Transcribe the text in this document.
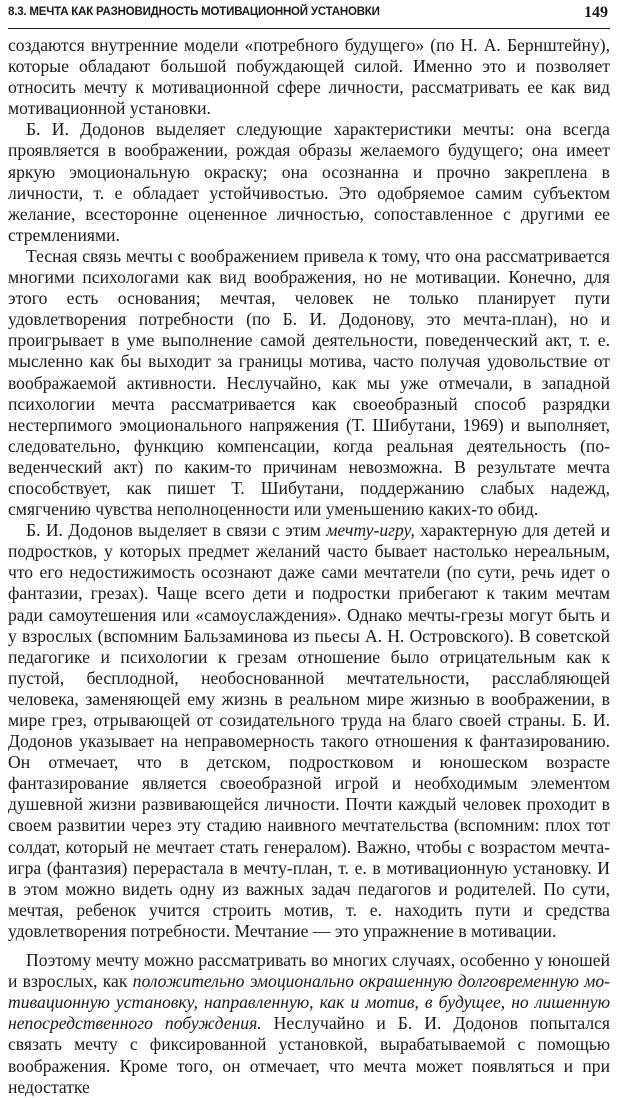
8.3. МЕЧТА КАК РАЗНОВИДНОСТЬ МОТИВАЦИОННОЙ УСТАНОВКИ	149

создаются внутренние модели «потребного будущего» (по Н. А. Бернштейну), которые обладают большой побуждающей силой. Именно это и позволяет относить мечту к мотивационной сфере личности, рассматривать ее как вид мотивационной установки.

Б. И. Додонов выделяет следующие характеристики мечты: она всегда проявляется в воображении, рождая образы желаемого будущего; она имеет яркую эмоциональную окраску; она осознанна и прочно закреплена в личности, т. е обладает устойчивостью. Это одобряемое самим субъектом желание, всесторонне оцененное личностью, сопоставленное с другими ее стремлениями.

Тесная связь мечты с воображением привела к тому, что она рассматривается многими психологами как вид воображения, но не мотивации. Конечно, для этого есть основания; мечтая, человек не только планирует пути удовлетворения потребности (по Б. И. Додонову, это мечта-план), но и проигрывает в уме выполнение самой деятельности, поведенческий акт, т. е. мысленно как бы выходит за границы мотива, часто получая удовольствие от воображаемой активности. Неслучайно, как мы уже отмечали, в западной психологии мечта рассматривается как своеобразный способ разрядки нестерпимого эмоционального напряжения (Т. Шибутани, 1969) и выполняет, следовательно, функцию компенсации, когда реальная деятельность (поведенческий акт) по каким-то причинам невозможна. В результате мечта способствует, как пишет Т. Шибутани, поддержанию слабых надежд, смягчению чувства неполноценности или уменьшению каких-то обид.

Б. И. Додонов выделяет в связи с этим мечту-игру, характерную для детей и подростков, у которых предмет желаний часто бывает настолько нереальным, что его недостижимость осознают даже сами мечтатели (по сути, речь идет о фантазии, грезах). Чаще всего дети и подростки прибегают к таким мечтам ради самоутешения или «самоуслаждения». Однако мечты-грезы могут быть и у взрослых (вспомним Бальзаминова из пьесы А. Н. Островского). В советской педагогике и психологии к грезам отношение было отрицательным как к пустой, бесплодной, необоснованной мечтательности, расслабляющей человека, заменяющей ему жизнь в реальном мире жизнью в воображении, в мире грез, отрывающей от созидательного труда на благо своей страны. Б. И. Додонов указывает на неправомерность такого отношения к фантазированию. Он отмечает, что в детском, подростковом и юношеском возрасте фантазирование является своеобразной игрой и необходимым элементом душевной жизни развивающейся личности. Почти каждый человек проходит в своем развитии через эту стадию наивного мечтательства (вспомним: плох тот солдат, который не мечтает стать генералом). Важно, чтобы с возрастом мечта-игра (фантазия) перерастала в мечту-план, т. е. в мотивационную установку. И в этом можно видеть одну из важных задач педагогов и родителей. По сути, мечтая, ребенок учится строить мотив, т. е. находить пути и средства удовлетворения потребности. Мечтание — это упражнение в мотивации.

Поэтому мечту можно рассматривать во многих случаях, особенно у юношей и взрослых, как положительно эмоционально окрашенную долговременную мотивационную установку, направленную, как и мотив, в будущее, но лишенную непосредственного побуждения. Неслучайно и Б. И. Додонов попытался связать мечту с фиксированной установкой, вырабатываемой с помощью воображения. Кроме того, он отмечает, что мечта может появляться и при недостатке
